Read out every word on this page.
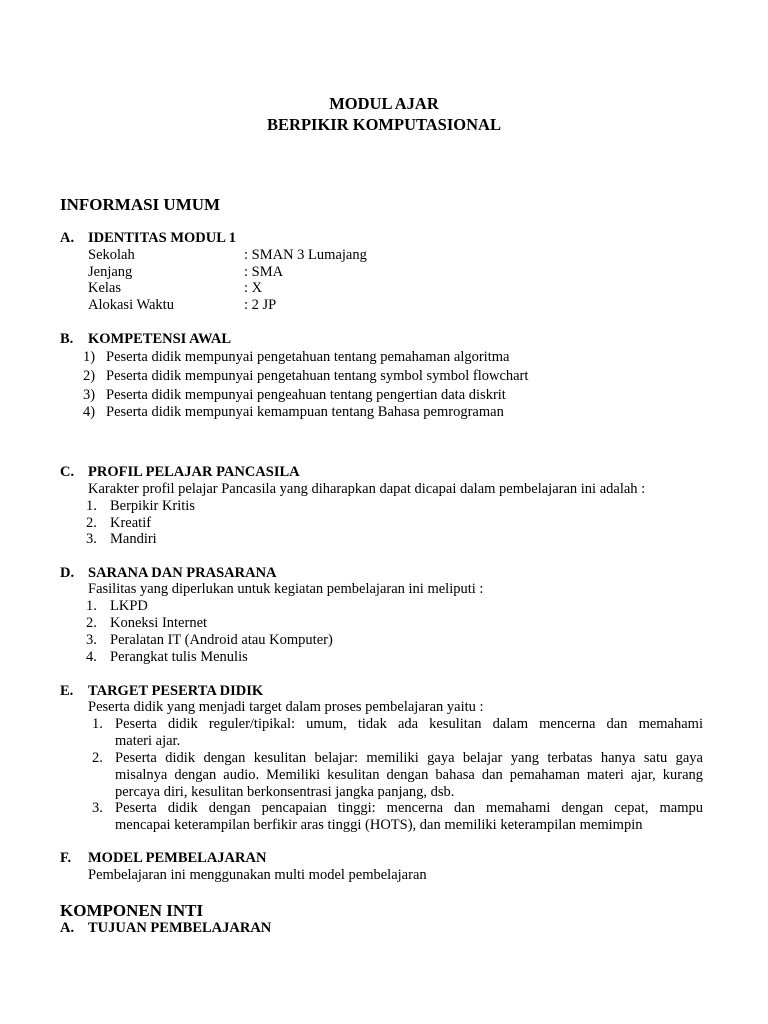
MODUL AJAR
BERPIKIR KOMPUTASIONAL
INFORMASI UMUM
A. IDENTITAS MODUL 1
Sekolah	: SMAN 3 Lumajang
Jenjang	: SMA
Kelas	: X
Alokasi Waktu	: 2 JP
B. KOMPETENSI AWAL
1) Peserta didik mempunyai pengetahuan tentang pemahaman algoritma
2) Peserta didik mempunyai pengetahuan tentang symbol symbol flowchart
3) Peserta didik mempunyai pengeahuan tentang pengertian data diskrit
4) Peserta didik mempunyai kemampuan tentang Bahasa pemrograman
C. PROFIL PELAJAR PANCASILA
Karakter profil pelajar Pancasila yang diharapkan dapat dicapai dalam pembelajaran ini adalah :
1. Berpikir Kritis
2. Kreatif
3. Mandiri
D. SARANA DAN PRASARANA
Fasilitas yang diperlukan untuk kegiatan pembelajaran ini meliputi :
1. LKPD
2. Koneksi Internet
3. Peralatan IT (Android atau Komputer)
4. Perangkat tulis Menulis
E. TARGET PESERTA DIDIK
Peserta didik yang menjadi target dalam proses pembelajaran yaitu :
1. Peserta didik reguler/tipikal: umum, tidak ada kesulitan dalam mencerna dan memahami
materi ajar.
2. Peserta didik dengan kesulitan belajar: memiliki gaya belajar yang terbatas hanya satu gaya
misalnya dengan audio. Memiliki kesulitan dengan bahasa dan pemahaman materi ajar, kurang
percaya diri, kesulitan berkonsentrasi jangka panjang, dsb.
3. Peserta didik dengan pencapaian tinggi: mencerna dan memahami dengan cepat, mampu
mencapai keterampilan berfikir aras tinggi (HOTS), dan memiliki keterampilan memimpin
F. MODEL PEMBELAJARAN
Pembelajaran ini menggunakan multi model pembelajaran
KOMPONEN INTI
A. TUJUAN PEMBELAJARAN
